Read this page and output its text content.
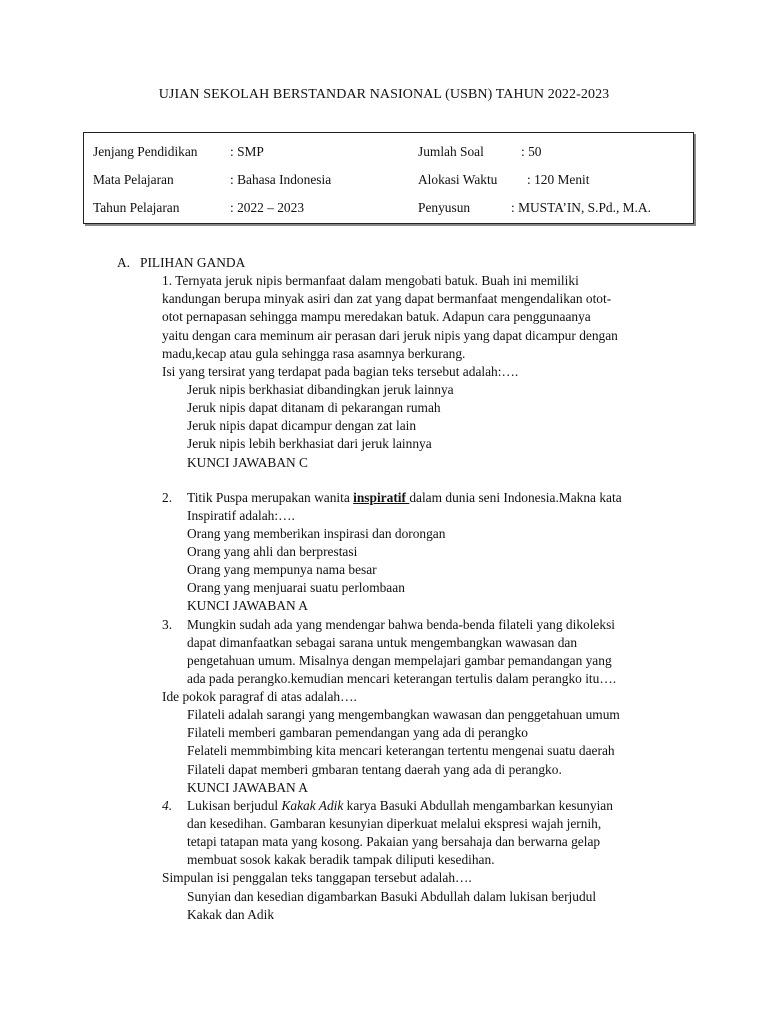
UJIAN SEKOLAH BERSTANDAR NASIONAL (USBN) TAHUN 2022-2023
Jenjang Pendidikan : SMP	Jumlah Soal	: 50
Mata Pelajaran	: Bahasa Indonesia	Alokasi Waktu : 120 Menit
Tahun Pelajaran	: 2022 – 2023	Penyusun	: MUSTA’IN, S.Pd., M.A.
A. PILIHAN GANDA
1. Ternyata jeruk nipis bermanfaat dalam mengobati batuk. Buah ini memiliki
kandungan berupa minyak asiri dan zat yang dapat bermanfaat mengendalikan otot-
otot pernapasan sehingga mampu meredakan batuk. Adapun cara penggunaanya
yaitu dengan cara meminum air perasan dari jeruk nipis yang dapat dicampur dengan
madu,kecap atau gula sehingga rasa asamnya berkurang.
Isi yang tersirat yang terdapat pada bagian teks tersebut adalah:….
Jeruk nipis berkhasiat dibandingkan jeruk lainnya
Jeruk nipis dapat ditanam di pekarangan rumah
Jeruk nipis dapat dicampur dengan zat lain
Jeruk nipis lebih berkhasiat dari jeruk lainnya
KUNCI JAWABAN C
2. Titik Puspa merupakan wanita inspiratif dalam dunia seni Indonesia.Makna kata
Inspiratif adalah:….
Orang yang memberikan inspirasi dan dorongan
Orang yang ahli dan berprestasi
Orang yang mempunya nama besar
Orang yang menjuarai suatu perlombaan
KUNCI JAWABAN A
3. Mungkin sudah ada yang mendengar bahwa benda-benda filateli yang dikoleksi
dapat dimanfaatkan sebagai sarana untuk mengembangkan wawasan dan
pengetahuan umum. Misalnya dengan mempelajari gambar pemandangan yang
ada pada perangko.kemudian mencari keterangan tertulis dalam perangko itu….
Ide pokok paragraf di atas adalah….
Filateli adalah sarangi yang mengembangkan wawasan dan penggetahuan umum
Filateli memberi gambaran pemendangan yang ada di perangko
Felateli memmbimbing kita mencari keterangan tertentu mengenai suatu daerah
Filateli dapat memberi gmbaran tentang daerah yang ada di perangko.
KUNCI JAWABAN A
4. Lukisan berjudul Kakak Adik karya Basuki Abdullah mengambarkan kesunyian
dan kesedihan. Gambaran kesunyian diperkuat melalui ekspresi wajah jernih,
tetapi tatapan mata yang kosong. Pakaian yang bersahaja dan berwarna gelap
membuat sosok kakak beradik tampak diliputi kesedihan.
Simpulan isi penggalan teks tanggapan tersebut adalah….
Sunyian dan kesedian digambarkan Basuki Abdullah dalam lukisan berjudul
Kakak dan Adik
